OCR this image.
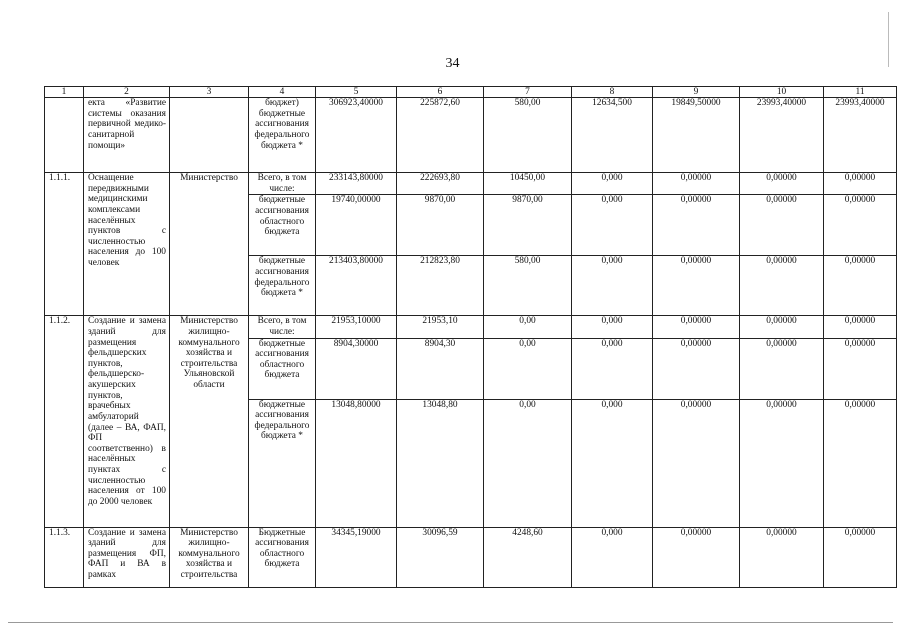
34
1	2	3	4	5	6	7	8	9	10	11
	екта «Развитие системы оказания первичной медико-санитарной помощи»		бюджет) бюджетные ассигнования федерального бюджета *	306923,40000	225872,60	580,00	12634,500	19849,50000	23993,40000	23993,40000
1.1.1.	Оснащение передвижными медицинскими комплексами населённых пунктов с численностью населения до 100 человек	Министерство	Всего, в том числе:	233143,80000	222693,80	10450,00	0,000	0,00000	0,00000	0,00000
			бюджетные ассигнования областного бюджета	19740,00000	9870,00	9870,00	0,000	0,00000	0,00000	0,00000
			бюджетные ассигнования федерального бюджета *	213403,80000	212823,80	580,00	0,000	0,00000	0,00000	0,00000
1.1.2.	Создание и замена зданий для размещения фельдшерских пунктов, фельдшерско-акушерских пунктов, врачебных амбулаторий (далее – ВА, ФАП, ФП соответственно) в населённых пунктах с численностью населения от 100 до 2000 человек	Министерство жилищно-коммунального хозяйства и строительства Ульяновской области	Всего, в том числе:	21953,10000	21953,10	0,00	0,000	0,00000	0,00000	0,00000
			бюджетные ассигнования областного бюджета	8904,30000	8904,30	0,00	0,000	0,00000	0,00000	0,00000
			бюджетные ассигнования федерального бюджета *	13048,80000	13048,80	0,00	0,000	0,00000	0,00000	0,00000
1.1.3.	Создание и замена зданий для размещения ФП, ФАП и ВА в рамках	Министерство жилищно-коммунального хозяйства и строительства	Бюджетные ассигнования областного бюджета	34345,19000	30096,59	4248,60	0,000	0,00000	0,00000	0,00000
